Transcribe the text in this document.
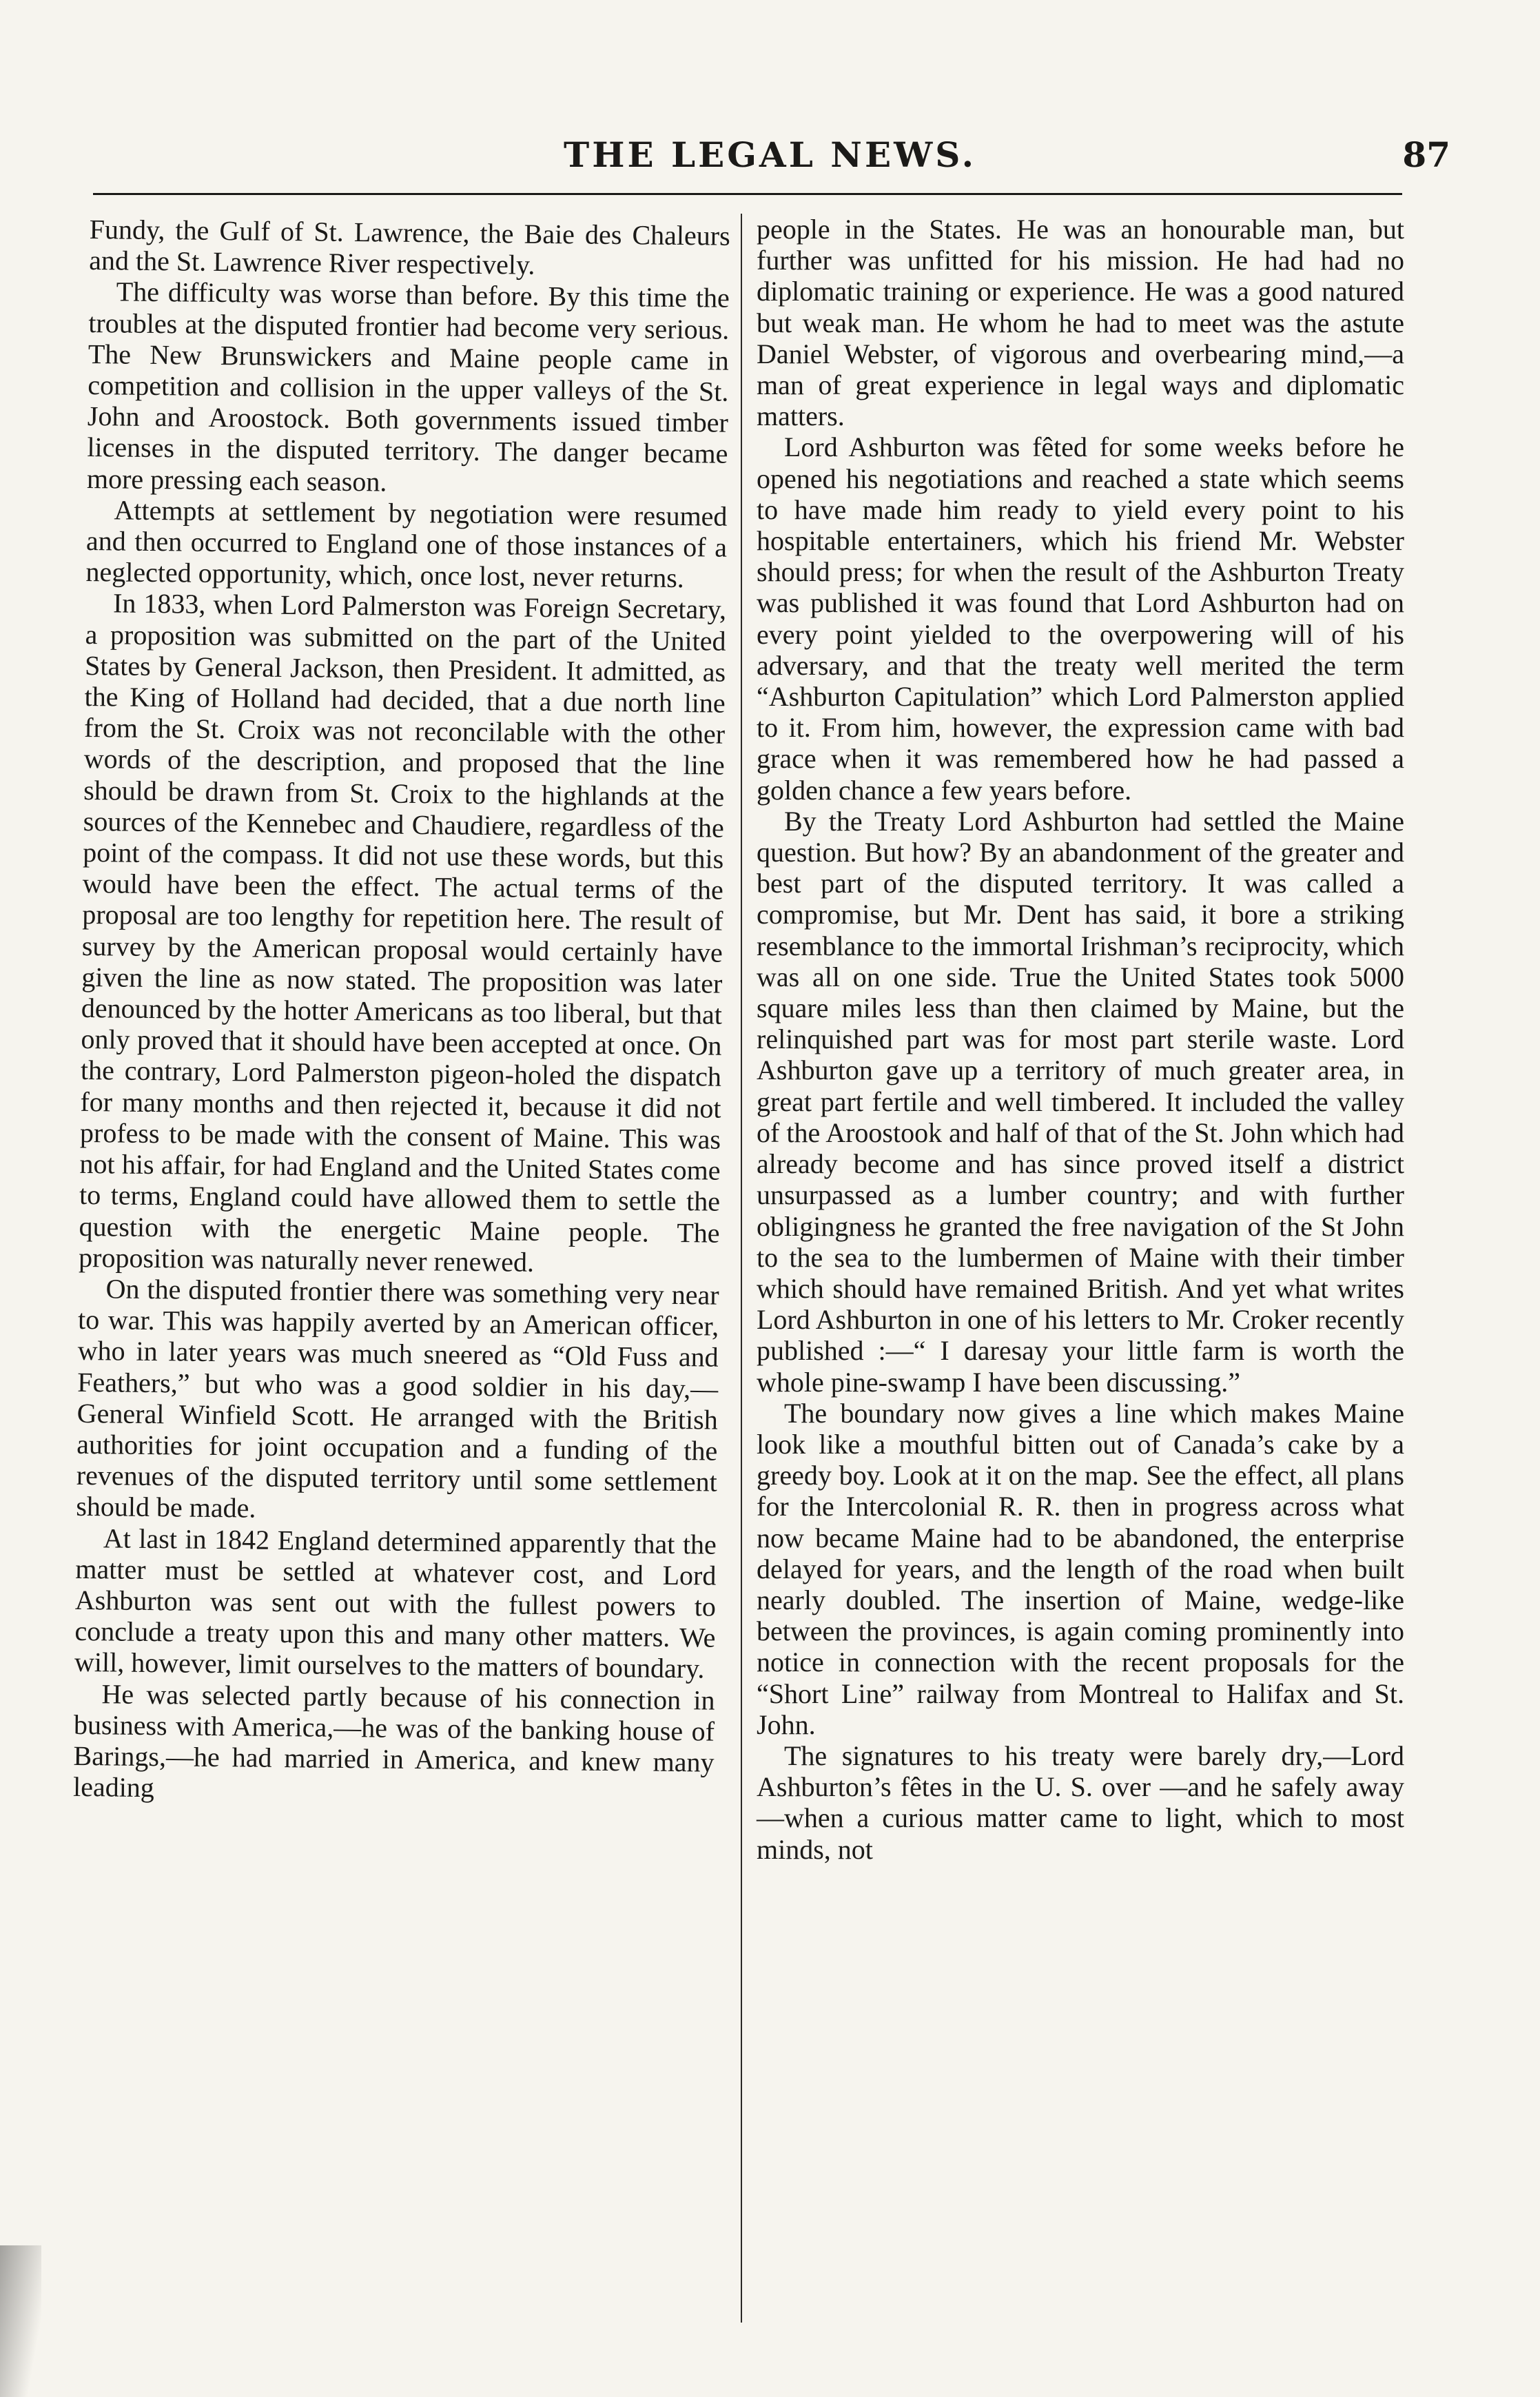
THE LEGAL NEWS.	87

Fundy, the Gulf of St. Lawrence, the Baie des Chaleurs and the St. Lawrence River respectively.

The difficulty was worse than before. By this time the troubles at the disputed frontier had become very serious. The New Brunswickers and Maine people came in competition and collision in the upper valleys of the St. John and Aroostock. Both governments issued timber licenses in the disputed territory. The danger became more pressing each season.

Attempts at settlement by negotiation were resumed and then occurred to England one of those instances of a neglected opportunity, which, once lost, never returns.

In 1833, when Lord Palmerston was Foreign Secretary, a proposition was submitted on the part of the United States by General Jackson, then President. It admitted, as the King of Holland had decided, that a due north line from the St. Croix was not reconcilable with the other words of the description, and proposed that the line should be drawn from St. Croix to the highlands at the sources of the Kennebec and Chaudiere, regardless of the point of the compass. It did not use these words, but this would have been the effect. The actual terms of the proposal are too lengthy for repetition here. The result of survey by the American proposal would certainly have given the line as now stated. The proposition was later denounced by the hotter Americans as too liberal, but that only proved that it should have been accepted at once. On the contrary, Lord Palmerston pigeon-holed the dispatch for many months and then rejected it, because it did not profess to be made with the consent of Maine. This was not his affair, for had England and the United States come to terms, England could have allowed them to settle the question with the energetic Maine people. The proposition was naturally never renewed.

On the disputed frontier there was something very near to war. This was happily averted by an American officer, who in later years was much sneered as “Old Fuss and Feathers,” but who was a good soldier in his day,—General Winfield Scott. He arranged with the British authorities for joint occupation and a funding of the revenues of the disputed territory until some settlement should be made.

At last in 1842 England determined apparently that the matter must be settled at whatever cost, and Lord Ashburton was sent out with the fullest powers to conclude a treaty upon this and many other matters. We will, however, limit ourselves to the matters of boundary.

He was selected partly because of his connection in business with America,—he was of the banking house of Barings,—he had married in America, and knew many leading

people in the States. He was an honourable man, but further was unfitted for his mission. He had had no diplomatic training or experience. He was a good natured but weak man. He whom he had to meet was the astute Daniel Webster, of vigorous and overbearing mind,—a man of great experience in legal ways and diplomatic matters.

Lord Ashburton was fêted for some weeks before he opened his negotiations and reached a state which seems to have made him ready to yield every point to his hospitable entertainers, which his friend Mr. Webster should press; for when the result of the Ashburton Treaty was published it was found that Lord Ashburton had on every point yielded to the overpowering will of his adversary, and that the treaty well merited the term “Ashburton Capitulation” which Lord Palmerston applied to it. From him, however, the expression came with bad grace when it was remembered how he had passed a golden chance a few years before.

By the Treaty Lord Ashburton had settled the Maine question. But how? By an abandonment of the greater and best part of the disputed territory. It was called a compromise, but Mr. Dent has said, it bore a striking resemblance to the immortal Irishman’s reciprocity, which was all on one side. True the United States took 5000 square miles less than then claimed by Maine, but the relinquished part was for most part sterile waste. Lord Ashburton gave up a territory of much greater area, in great part fertile and well timbered. It included the valley of the Aroostook and half of that of the St. John which had already become and has since proved itself a district unsurpassed as a lumber country; and with further obligingness he granted the free navigation of the St John to the sea to the lumbermen of Maine with their timber which should have remained British. And yet what writes Lord Ashburton in one of his letters to Mr. Croker recently published :—“ I daresay your little farm is worth the whole pine-swamp I have been discussing.”

The boundary now gives a line which makes Maine look like a mouthful bitten out of Canada’s cake by a greedy boy. Look at it on the map. See the effect, all plans for the Intercolonial R. R. then in progress across what now became Maine had to be abandoned, the enterprise delayed for years, and the length of the road when built nearly doubled. The insertion of Maine, wedge-like between the provinces, is again coming prominently into notice in connection with the recent proposals for the “Short Line” railway from Montreal to Halifax and St. John.

The signatures to his treaty were barely dry,—Lord Ashburton’s fêtes in the U. S. over —and he safely away—when a curious matter came to light, which to most minds, not
